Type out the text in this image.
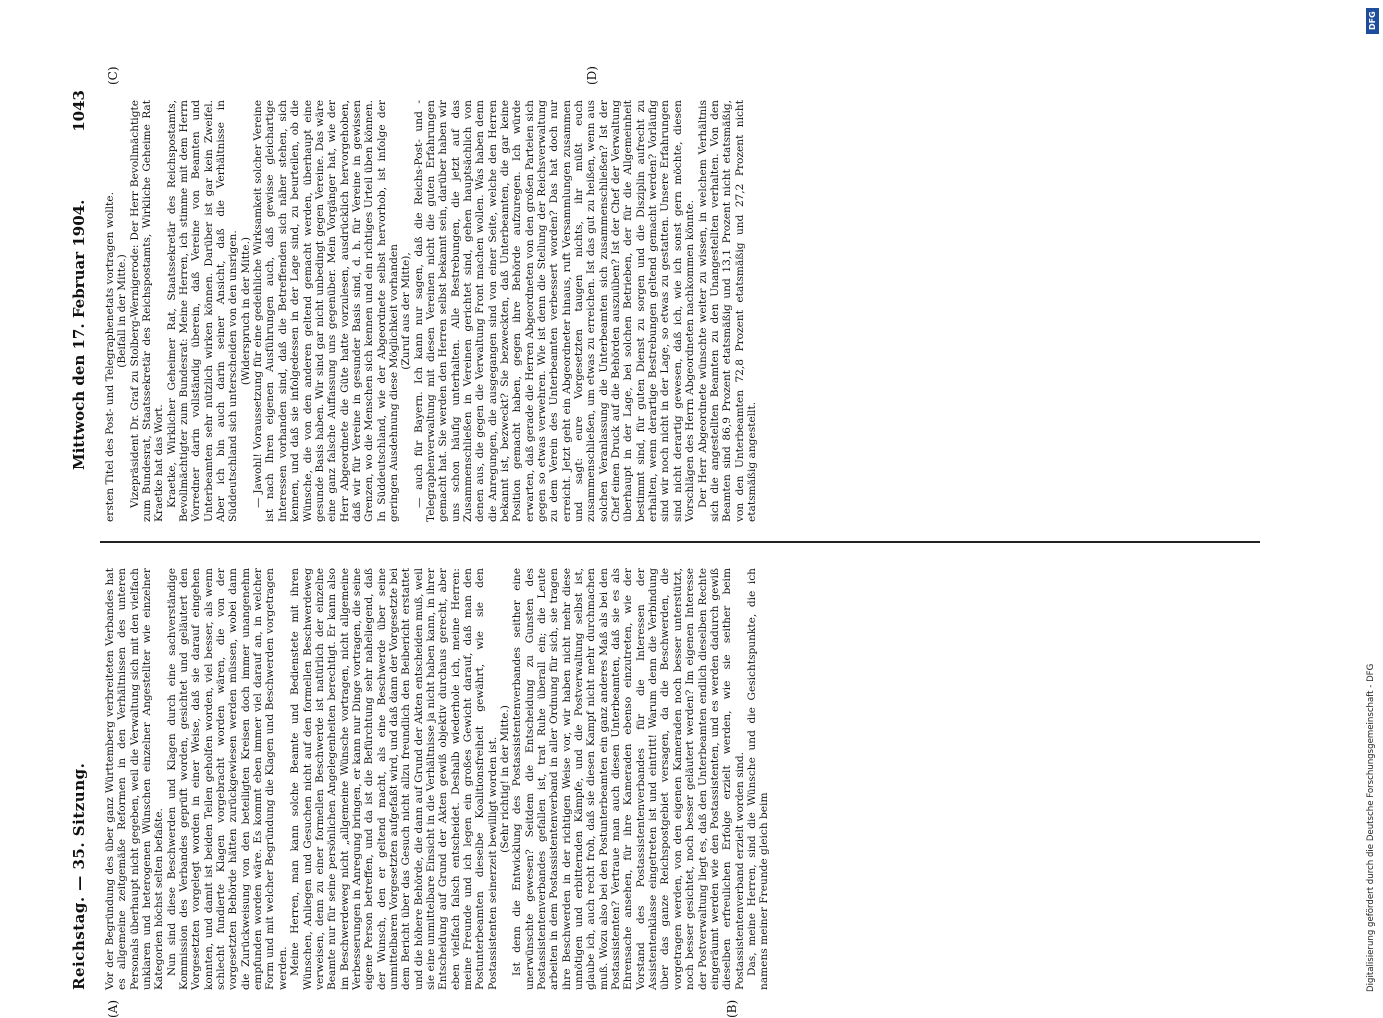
Reichstag. — 35. Sitzung.
Mittwoch den 17. Februar 1904.
1043
(A)	(B)
(C)	(D)

Vor der Begründung des über ganz Württemberg verbreiteten Verbandes hat es allgemeine zeitgemäße Reformen in den Verhältnissen des unteren Personals überhaupt nicht gegeben, weil die Verwaltung sich mit den vielfach unklaren und heterogenen Wünschen einzelner Angestellter wie einzelner Kategorien höchst selten befaßte. Nun sind diese Beschwerden und Klagen durch eine sachverständige Kommission des Verbandes geprüft worden, gesichtet und geläutert den Vorgesetzten vorgelegt worden in einer Weise, daß sie darauf eingehen konnten, und damit ist beiden Teilen geholfen worden, viel besser, als wenn schlecht fundierte Klagen vorgebracht worden wären, die von der vorgesetzten Behörde hätten zurückgewiesen werden müssen, wobei dann die Zurückweisung von den beteiligten Kreisen doch immer unangenehm empfunden worden wäre. Es kommt eben immer viel darauf an, in welcher Form und mit welcher Begründung die Klagen und Beschwerden vorgetragen werden. Meine Herren, man kann solche Beamte und Bedienstete mit ihren Wünschen, Anliegen und Gesuchen nicht auf den formellen Beschwerdeweg verweisen, denn zu einer formellen Beschwerde ist natürlich der einzelne Beamte nur für seine persönlichen Angelegenheiten berechtigt. Er kann also im Beschwerdeweg nicht „allgemeine Wünsche vortragen, nicht allgemeine Verbesserungen in Anregung bringen, er kann nur Dinge vortragen, die seine eigene Person betreffen, und da ist die Befürchtung sehr naheliegend, daß der Wunsch, den er geltend macht, als eine Beschwerde über seine unmittelbaren Vorgesetzten aufgefaßt wird, und daß dann der Vorgesetzte bei dem Bericht über das Gesuch nicht allzu freundlich den Beibericht erstattet und die höhere Behörde, die dann auf Grund der Akten entscheiden muß, weil sie eine unmittelbare Einsicht in die Verhältnisse ja nicht haben kann, in ihrer Entscheidung auf Grund der Akten gewiß objektiv durchaus gerecht, aber eben vielfach falsch entscheidet. Deshalb wiederhole ich, meine Herren: meine Freunde und ich legen ein großes Gewicht darauf, daß man den Postunterbeamten dieselbe Koalitionsfreiheit gewährt, wie sie den Postassistenten seinerzeit bewilligt worden ist. (Sehr richtig! in der Mitte.) Ist denn die Entwicklung des Postassistentenverbandes seither eine unerwünschte gewesen? Seitdem die Entscheidung zu Gunsten des Postassistentenverbandes gefallen ist, trat Ruhe überall ein; die Leute arbeiten in dem Postassistentenverband in aller Ordnung für sich, sie tragen ihre Beschwerden in der richtigen Weise vor, wir haben nicht mehr diese unnötigen und erbitternden Kämpfe, und die Postverwaltung selbst ist, glaube ich, auch recht froh, daß sie diesen Kampf nicht mehr durchmachen muß. Wozu also bei den Postunterbeamten ein ganz anderes Maß als bei den Postassistenten? Vertraue man auch diesen Unterbeamten, daß sie es als Ehrensache ansehen, für ihre Kameraden ebenso einzutreten, wie der Vorstand des Postassistentenverbandes für die Interessen der Assistentenklasse eingetreten ist und eintritt! Warum denn die Verbindung über das ganze Reichspostgebiet versagen, da die Beschwerden, die vorgetragen werden, von den eigenen Kameraden noch besser unterstützt, noch besser gesichtet, noch besser geläutert werden? Im eigenen Interesse der Postverwaltung liegt es, daß den Unterbeamten endlich dieselben Rechte eingeräumt werden wie den Postassistenten, und es werden dadurch gewiß dieselben erfreulichen Erfolge erzielt werden, wie sie seither beim Postassistentenverband erzielt worden sind. Das, meine Herren, sind die Wünsche und die Gesichtspunkte, die ich namens meiner Freunde gleich beim

ersten Titel des Post- und Telegraphenetats vortragen wollte. (Beifall in der Mitte.) Vizepräsident Dr. Graf zu Stolberg-Wernigerode: Der Herr Bevollmächtigte zum Bundesrat, Staatssekretär des Reichspostamts, Wirkliche Geheime Rat Kraetke hat das Wort. Kraetke, Wirklicher Geheimer Rat, Staatssekretär des Reichspostamts, Bevollmächtigter zum Bundesrat: Meine Herren, ich stimme mit dem Herrn Vorredner darin vollständig überein, daß Vereine von Beamten und Unterbeamten sehr nützlich wirken können. Darüber ist gar kein Zweifel. Aber ich bin auch darin seiner Ansicht, daß die Verhältnisse in Süddeutschland sich unterscheiden von den unsrigen. (Widerspruch in der Mitte.) — Jawohl! Voraussetzung für eine gedeihliche Wirksamkeit solcher Vereine ist nach Ihren eigenen Ausführungen auch, daß gewisse gleichartige Interessen vorhanden sind, daß die Betreffenden sich näher stehen, sich kennen, und daß sie infolgedessen in der Lage sind, zu beurteilen, ob die Wünsche, die von den anderen geltend gemacht werden, überhaupt eine gesunde Basis haben. Wir sind gar nicht unbedingt gegen Vereine. Das wäre eine ganz falsche Auffassung uns gegenüber. Mein Vorgänger hat, wie der Herr Abgeordnete die Güte hatte vorzulesen, ausdrücklich hervorgehoben, daß wir für Vereine in gesunder Basis sind, d. h. für Vereine in gewissen Grenzen, wo die Menschen sich kennen und ein richtiges Urteil üben können. In Süddeutschland, wie der Abgeordnete selbst hervorhob, ist infolge der geringen Ausdehnung diese Möglichkeit vorhanden (Zuruf aus der Mitte), — auch für Bayern. Ich kann nur sagen, daß die Reichs-Post- und -Telegraphenverwaltung mit diesen Vereinen nicht die guten Erfahrungen gemacht hat. Sie werden den Herren selbst bekannt sein, darüber haben wir uns schon häufig unterhalten. Alle Bestrebungen, die jetzt auf das Zusammenschließen in Vereinen gerichtet sind, gehen hauptsächlich von denen aus, die gegen die Verwaltung Front machen wollen. Was haben denn die Anregungen, die ausgegangen sind von einer Seite, welche den Herren bekannt ist, bezweckt? Sie bezweckten, daß Unterbeamten, die gar keine Position gemacht haben, gegen ihre Behörde aufzuregen. Ich würde erwarten, daß gerade die Herren Abgeordneten von den großen Parteien sich gegen so etwas verwehren. Wie ist denn die Stellung der Reichsverwaltung zu dem Verein des Unterbeamten verbessert worden? Das hat doch nur erreicht. Jetzt geht ein Abgeordneter hinaus, ruft Versammlungen zusammen und sagt: eure Vorgesetzten taugen nichts, ihr müßt euch zusammenschließen, um etwas zu erreichen. Ist das gut zu heißen, wenn aus solchen Veranlassung die Unterbeamten sich zusammenschließen? Ist der Chef einen Druck auf die Behörden auszuüben? Ist der Chef der Verwaltung überhaupt in der Lage, bei solchen Betrieben, der für die Allgemeinheit bestimmt sind, für guten Dienst zu sorgen und die Disziplin aufrecht zu erhalten, wenn derartige Bestrebungen geltend gemacht werden? Vorläufig sind wir noch nicht in der Lage, so etwas zu gestatten. Unsere Erfahrungen sind nicht derartig gewesen, daß ich, wie ich sonst gern möchte, diesen Vorschlägen des Herrn Abgeordneten nachkommen könnte. Der Herr Abgeordnete wünschte weiter zu wissen, in welchem Verhältnis sich die angestellten Beamten zu den Unangestellten verhalten. Von den Beamten sind 86,9 Prozent etatsmäßig und 13,1 Prozent nicht etatsmäßig, von den Unterbeamten 72,8 Prozent etatsmäßig und 27,2 Prozent nicht etatsmäßig angestellt.

DFG
Digitalisierung gefördert durch die Deutsche Forschungsgemeinschaft - DFG
